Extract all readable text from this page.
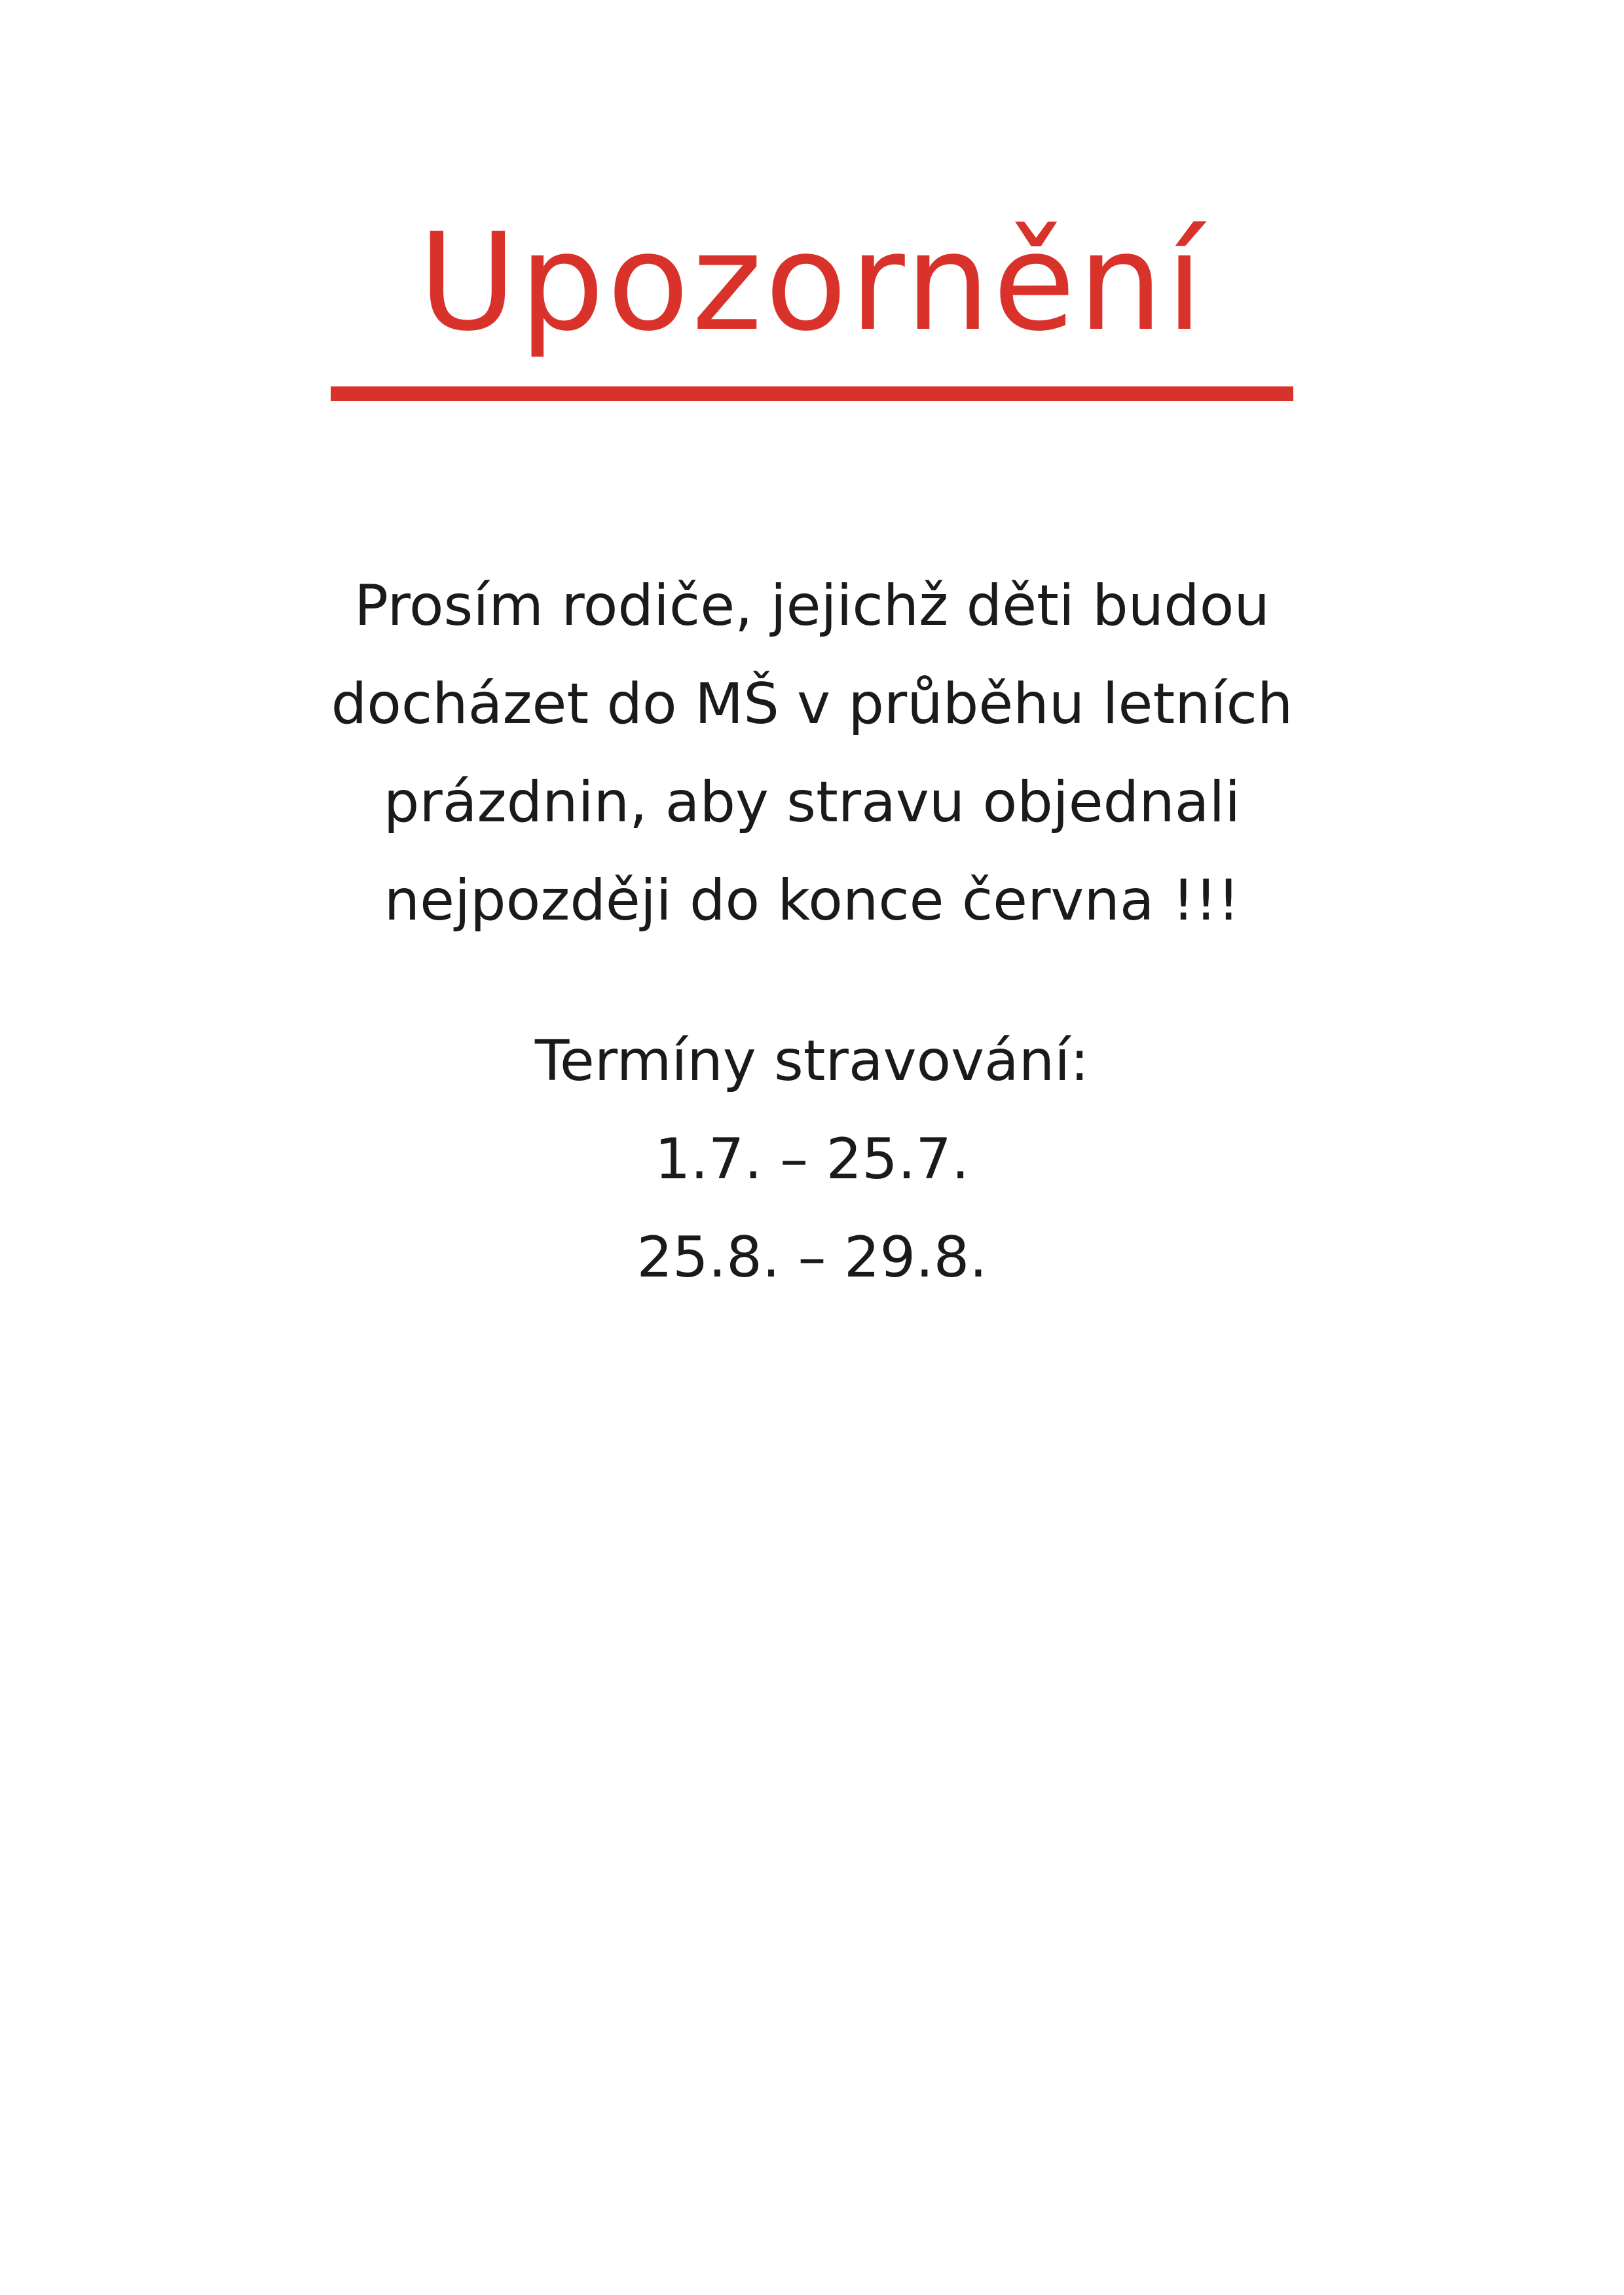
Upozornění
Prosím rodiče, jejichž děti budou
docházet do MŠ v průběhu letních
prázdnin, aby stravu objednali
nejpozději do konce června !!!
Termíny stravování:
1.7. – 25.7.
25.8. – 29.8.
